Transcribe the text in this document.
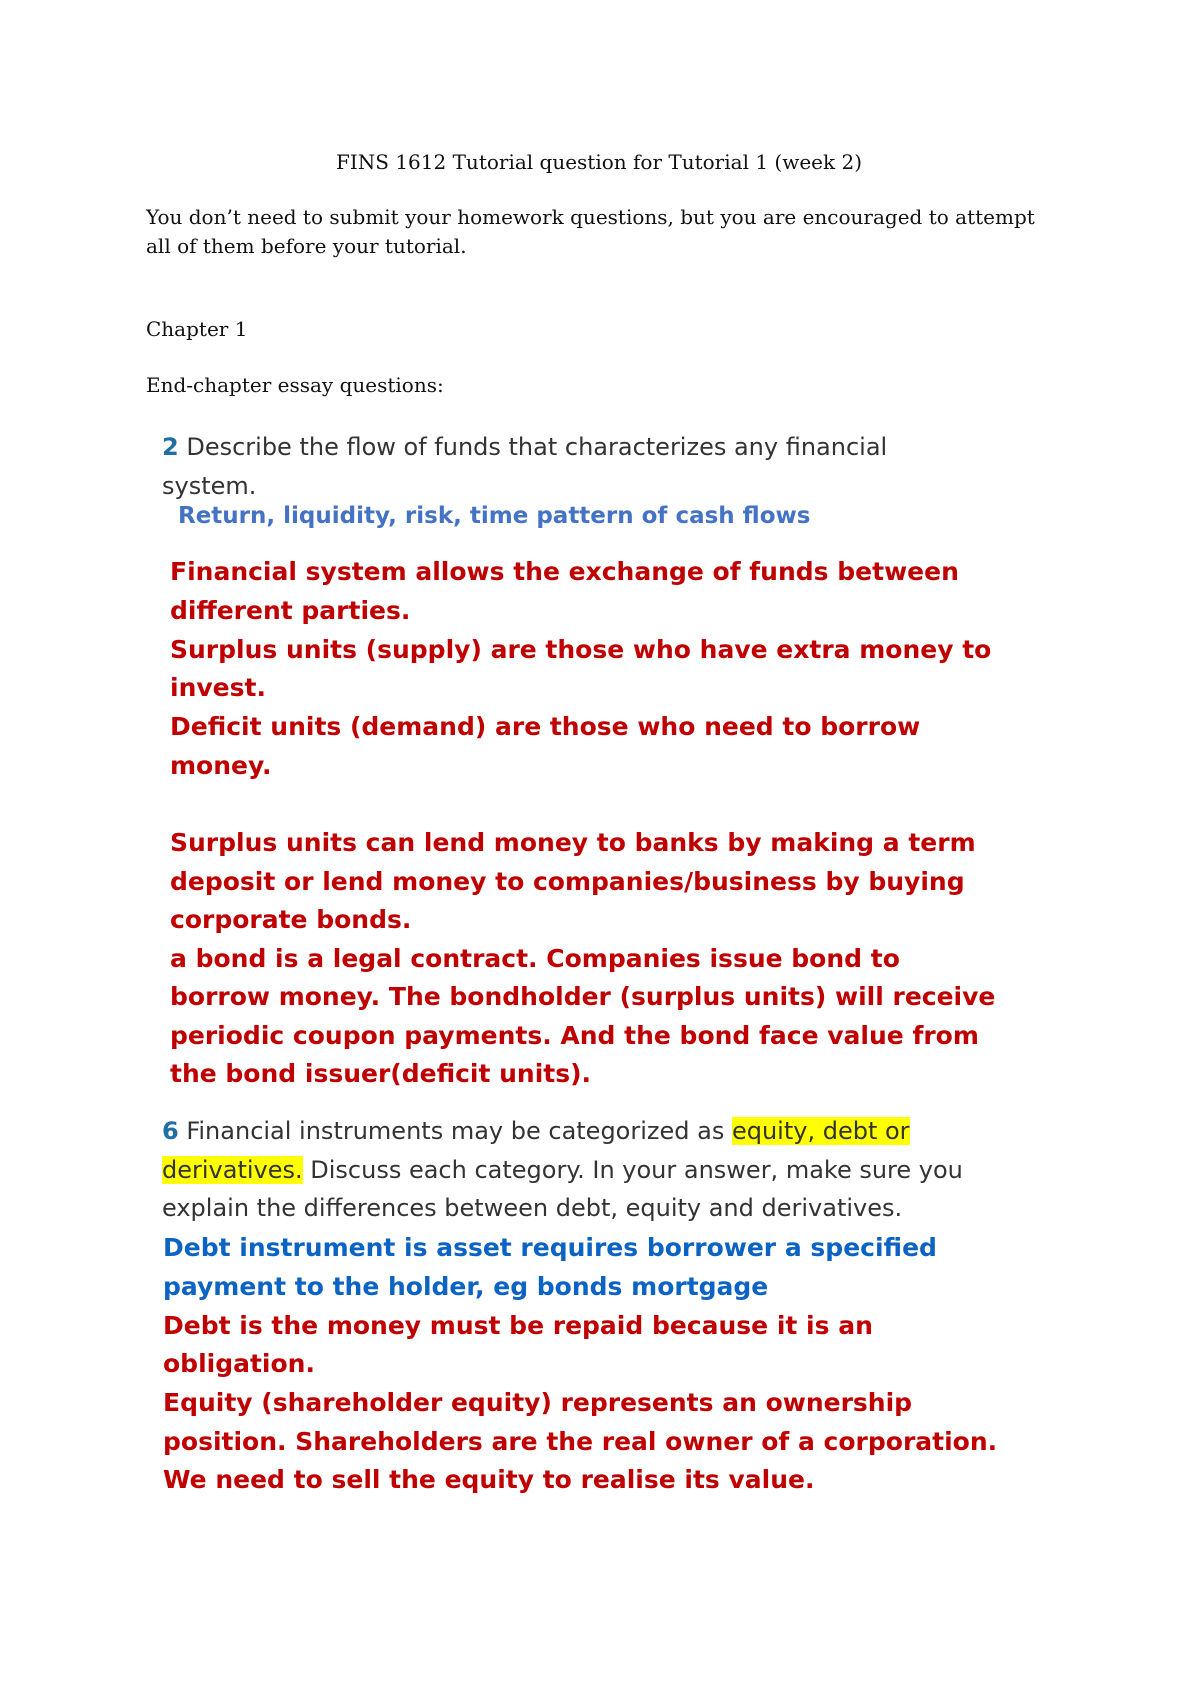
FINS 1612 Tutorial question for Tutorial 1 (week 2)
You don’t need to submit your homework questions, but you are encouraged to attempt
all of them before your tutorial.
Chapter 1
End-chapter essay questions:
2 Describe the flow of funds that characterizes any financial
system.
Return, liquidity, risk, time pattern of cash flows
Financial system allows the exchange of funds between
different parties.
Surplus units (supply) are those who have extra money to
invest.
Deficit units (demand) are those who need to borrow
money.
Surplus units can lend money to banks by making a term
deposit or lend money to companies/business by buying
corporate bonds.
a bond is a legal contract. Companies issue bond to
borrow money. The bondholder (surplus units) will receive
periodic coupon payments. And the bond face value from
the bond issuer(deficit units).
6 Financial instruments may be categorized as equity, debt or
derivatives. Discuss each category. In your answer, make sure you
explain the differences between debt, equity and derivatives.
Debt instrument is asset requires borrower a specified
payment to the holder, eg bonds mortgage
Debt is the money must be repaid because it is an
obligation.
Equity (shareholder equity) represents an ownership
position. Shareholders are the real owner of a corporation.
We need to sell the equity to realise its value.
